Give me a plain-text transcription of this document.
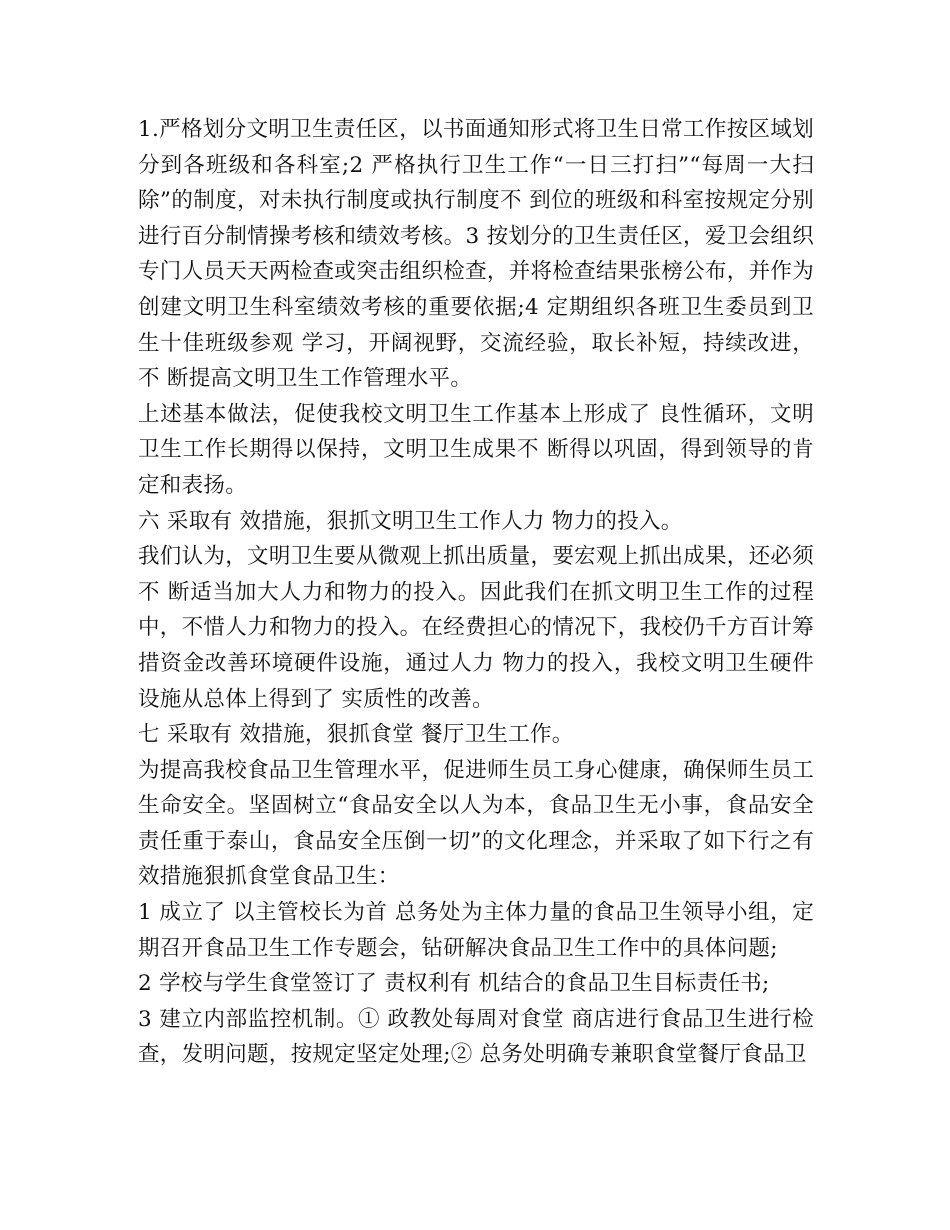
1.严格划分文明卫生责任区，以书面通知形式将卫生日常工作按区域划分到各班级和各科室;2 严格执行卫生工作“一日三打扫”“每周一大扫除”的制度，对未执行制度或执行制度不 到位的班级和科室按规定分别进行百分制情操考核和绩效考核。3 按划分的卫生责任区，爱卫会组织专门人员天天两检查或突击组织检查，并将检查结果张榜公布，并作为创建文明卫生科室绩效考核的重要依据;4 定期组织各班卫生委员到卫生十佳班级参观 学习，开阔视野，交流经验，取长补短，持续改进，不 断提高文明卫生工作管理水平。

上述基本做法，促使我校文明卫生工作基本上形成了 良性循环，文明卫生工作长期得以保持，文明卫生成果不 断得以巩固，得到领导的肯定和表扬。

六 采取有 效措施，狠抓文明卫生工作人力 物力的投入。

我们认为，文明卫生要从微观上抓出质量，要宏观上抓出成果，还必须不 断适当加大人力和物力的投入。因此我们在抓文明卫生工作的过程中，不惜人力和物力的投入。在经费担心的情况下，我校仍千方百计筹措资金改善环境硬件设施，通过人力 物力的投入，我校文明卫生硬件设施从总体上得到了 实质性的改善。

七 采取有 效措施，狠抓食堂 餐厅卫生工作。

为提高我校食品卫生管理水平，促进师生员工身心健康，确保师生员工生命安全。坚固树立“食品安全以人为本，食品卫生无小事，食品安全责任重于泰山，食品安全压倒一切”的文化理念，并采取了如下行之有效措施狠抓食堂食品卫生：

1 成立了 以主管校长为首 总务处为主体力量的食品卫生领导小组，定期召开食品卫生工作专题会，钻研解决食品卫生工作中的具体问题;

2 学校与学生食堂签订了 责权利有 机结合的食品卫生目标责任书;

3 建立内部监控机制。① 政教处每周对食堂 商店进行食品卫生进行检查，发明问题，按规定坚定处理;② 总务处明确专兼职食堂餐厅食品卫
